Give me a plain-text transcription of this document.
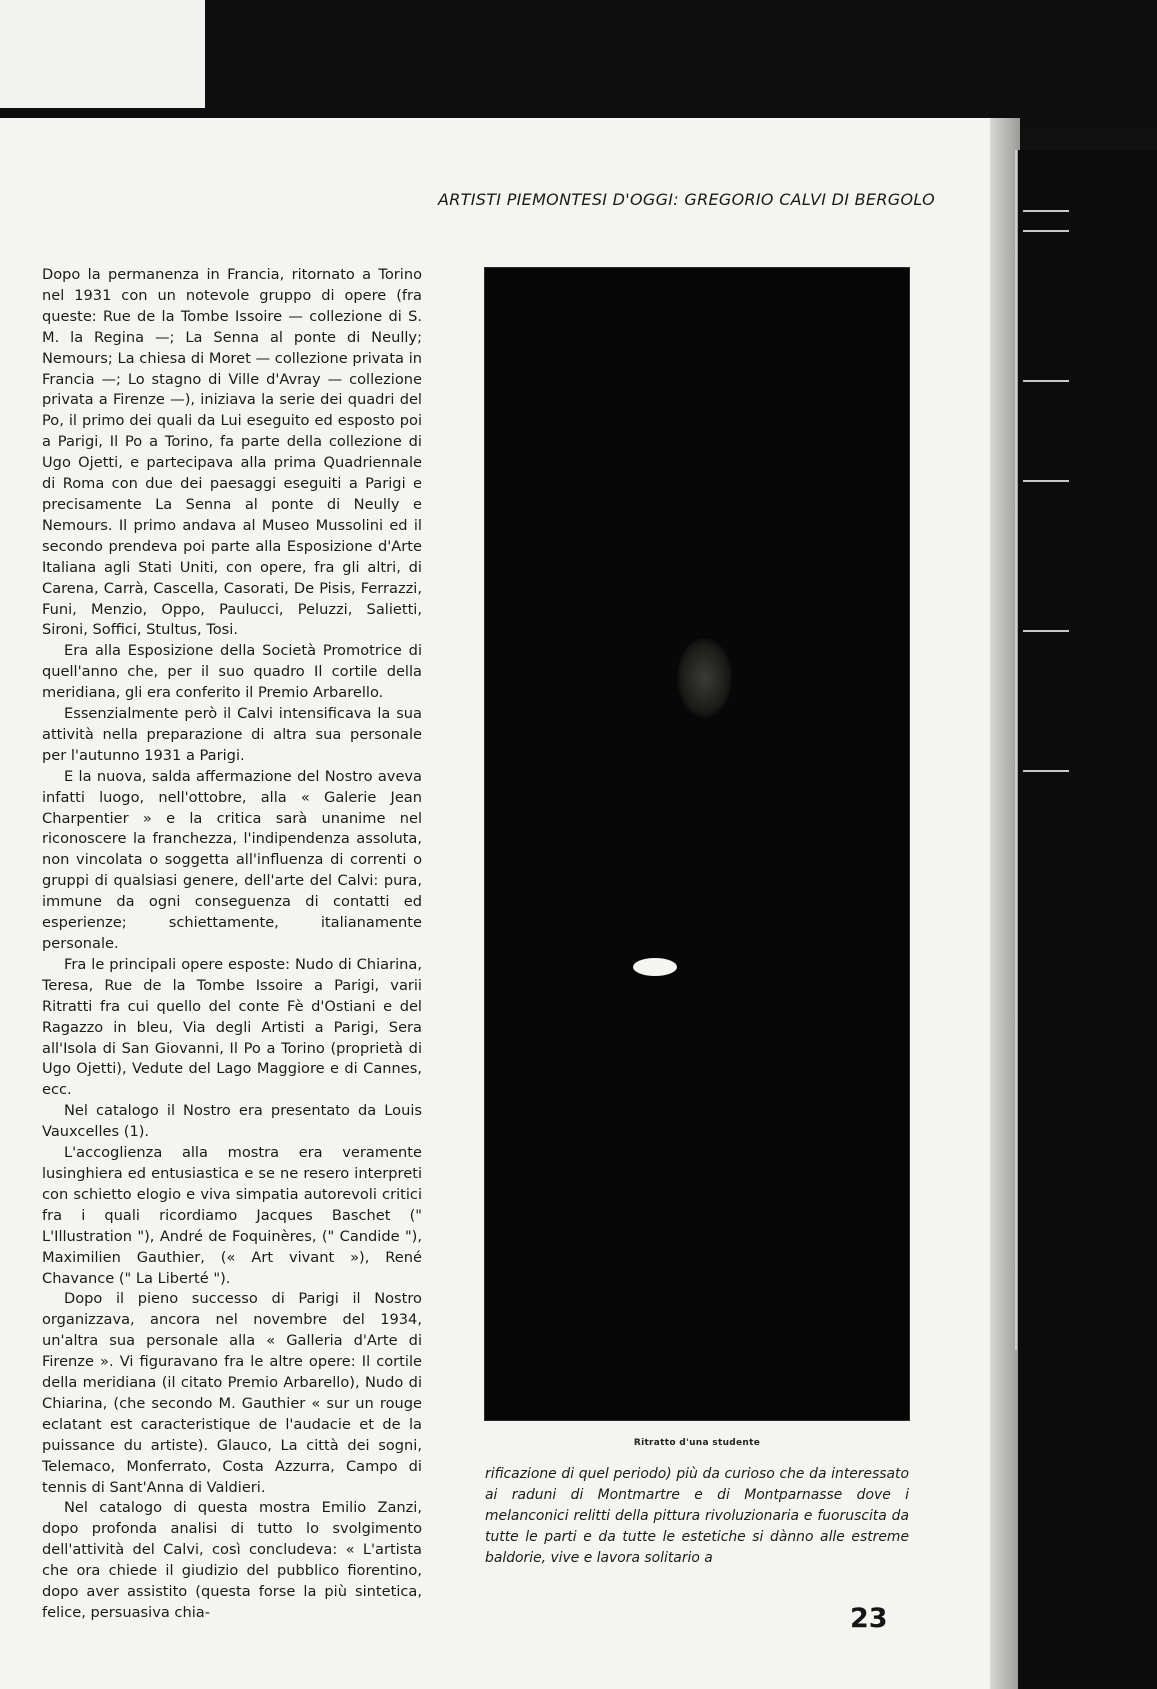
ARTISTI PIEMONTESI D'OGGI: GREGORIO CALVI DI BERGOLO

Dopo la permanenza in Francia, ritornato a Torino nel 1931 con un notevole gruppo di opere (fra queste: Rue de la Tombe Issoire — collezione di S. M. la Regina —; La Senna al ponte di Neully; Nemours; La chiesa di Moret — collezione privata in Francia —; Lo stagno di Ville d'Avray — collezione privata a Firenze —), iniziava la serie dei quadri del Po, il primo dei quali da Lui eseguito ed esposto poi a Parigi, Il Po a Torino, fa parte della collezione di Ugo Ojetti, e partecipava alla prima Quadriennale di Roma con due dei paesaggi eseguiti a Parigi e precisamente La Senna al ponte di Neully e Nemours. Il primo andava al Museo Mussolini ed il secondo prendeva poi parte alla Esposizione d'Arte Italiana agli Stati Uniti, con opere, fra gli altri, di Carena, Carrà, Cascella, Casorati, De Pisis, Ferrazzi, Funi, Menzio, Oppo, Paulucci, Peluzzi, Salietti, Sironi, Soffici, Stultus, Tosi.

Era alla Esposizione della Società Promotrice di quell'anno che, per il suo quadro Il cortile della meridiana, gli era conferito il Premio Arbarello.

Essenzialmente però il Calvi intensificava la sua attività nella preparazione di altra sua personale per l'autunno 1931 a Parigi.

E la nuova, salda affermazione del Nostro aveva infatti luogo, nell'ottobre, alla « Galerie Jean Charpentier » e la critica sarà unanime nel riconoscere la franchezza, l'indipendenza assoluta, non vincolata o soggetta all'influenza di correnti o gruppi di qualsiasi genere, dell'arte del Calvi: pura, immune da ogni conseguenza di contatti ed esperienze; schiettamente, italianamente personale.

Fra le principali opere esposte: Nudo di Chiarina, Teresa, Rue de la Tombe Issoire a Parigi, varii Ritratti fra cui quello del conte Fè d'Ostiani e del Ragazzo in bleu, Via degli Artisti a Parigi, Sera all'Isola di San Giovanni, Il Po a Torino (proprietà di Ugo Ojetti), Vedute del Lago Maggiore e di Cannes, ecc.

Nel catalogo il Nostro era presentato da Louis Vauxcelles (1).

L'accoglienza alla mostra era veramente lusinghiera ed entusiastica e se ne resero interpreti con schietto elogio e viva simpatia autorevoli critici fra i quali ricordiamo Jacques Baschet (" L'Illustration "), André de Foquinères, (" Candide "), Maximilien Gauthier, (« Art vivant »), René Chavance (" La Liberté ").

Dopo il pieno successo di Parigi il Nostro organizzava, ancora nel novembre del 1934, un'altra sua personale alla « Galleria d'Arte di Firenze ». Vi figuravano fra le altre opere: Il cortile della meridiana (il citato Premio Arbarello), Nudo di Chiarina, (che secondo M. Gauthier « sur un rouge eclatant est caracteristique de l'audacie et de la puissance du artiste). Glauco, La città dei sogni, Telemaco, Monferrato, Costa Azzurra, Campo di tennis di Sant'Anna di Valdieri.

Nel catalogo di questa mostra Emilio Zanzi, dopo profonda analisi di tutto lo svolgimento dell'attività del Calvi, così concludeva: « L'artista che ora chiede il giudizio del pubblico fiorentino, dopo aver assistito (questa forse la più sintetica, felice, persuasiva chia-

Ritratto d'una studente

rificazione di quel periodo) più da curioso che da interessato ai raduni di Montmartre e di Montparnasse dove i melanconici relitti della pittura rivoluzionaria e fuoruscita da tutte le parti e da tutte le estetiche si dànno alle estreme baldorie, vive e lavora solitario a

23
